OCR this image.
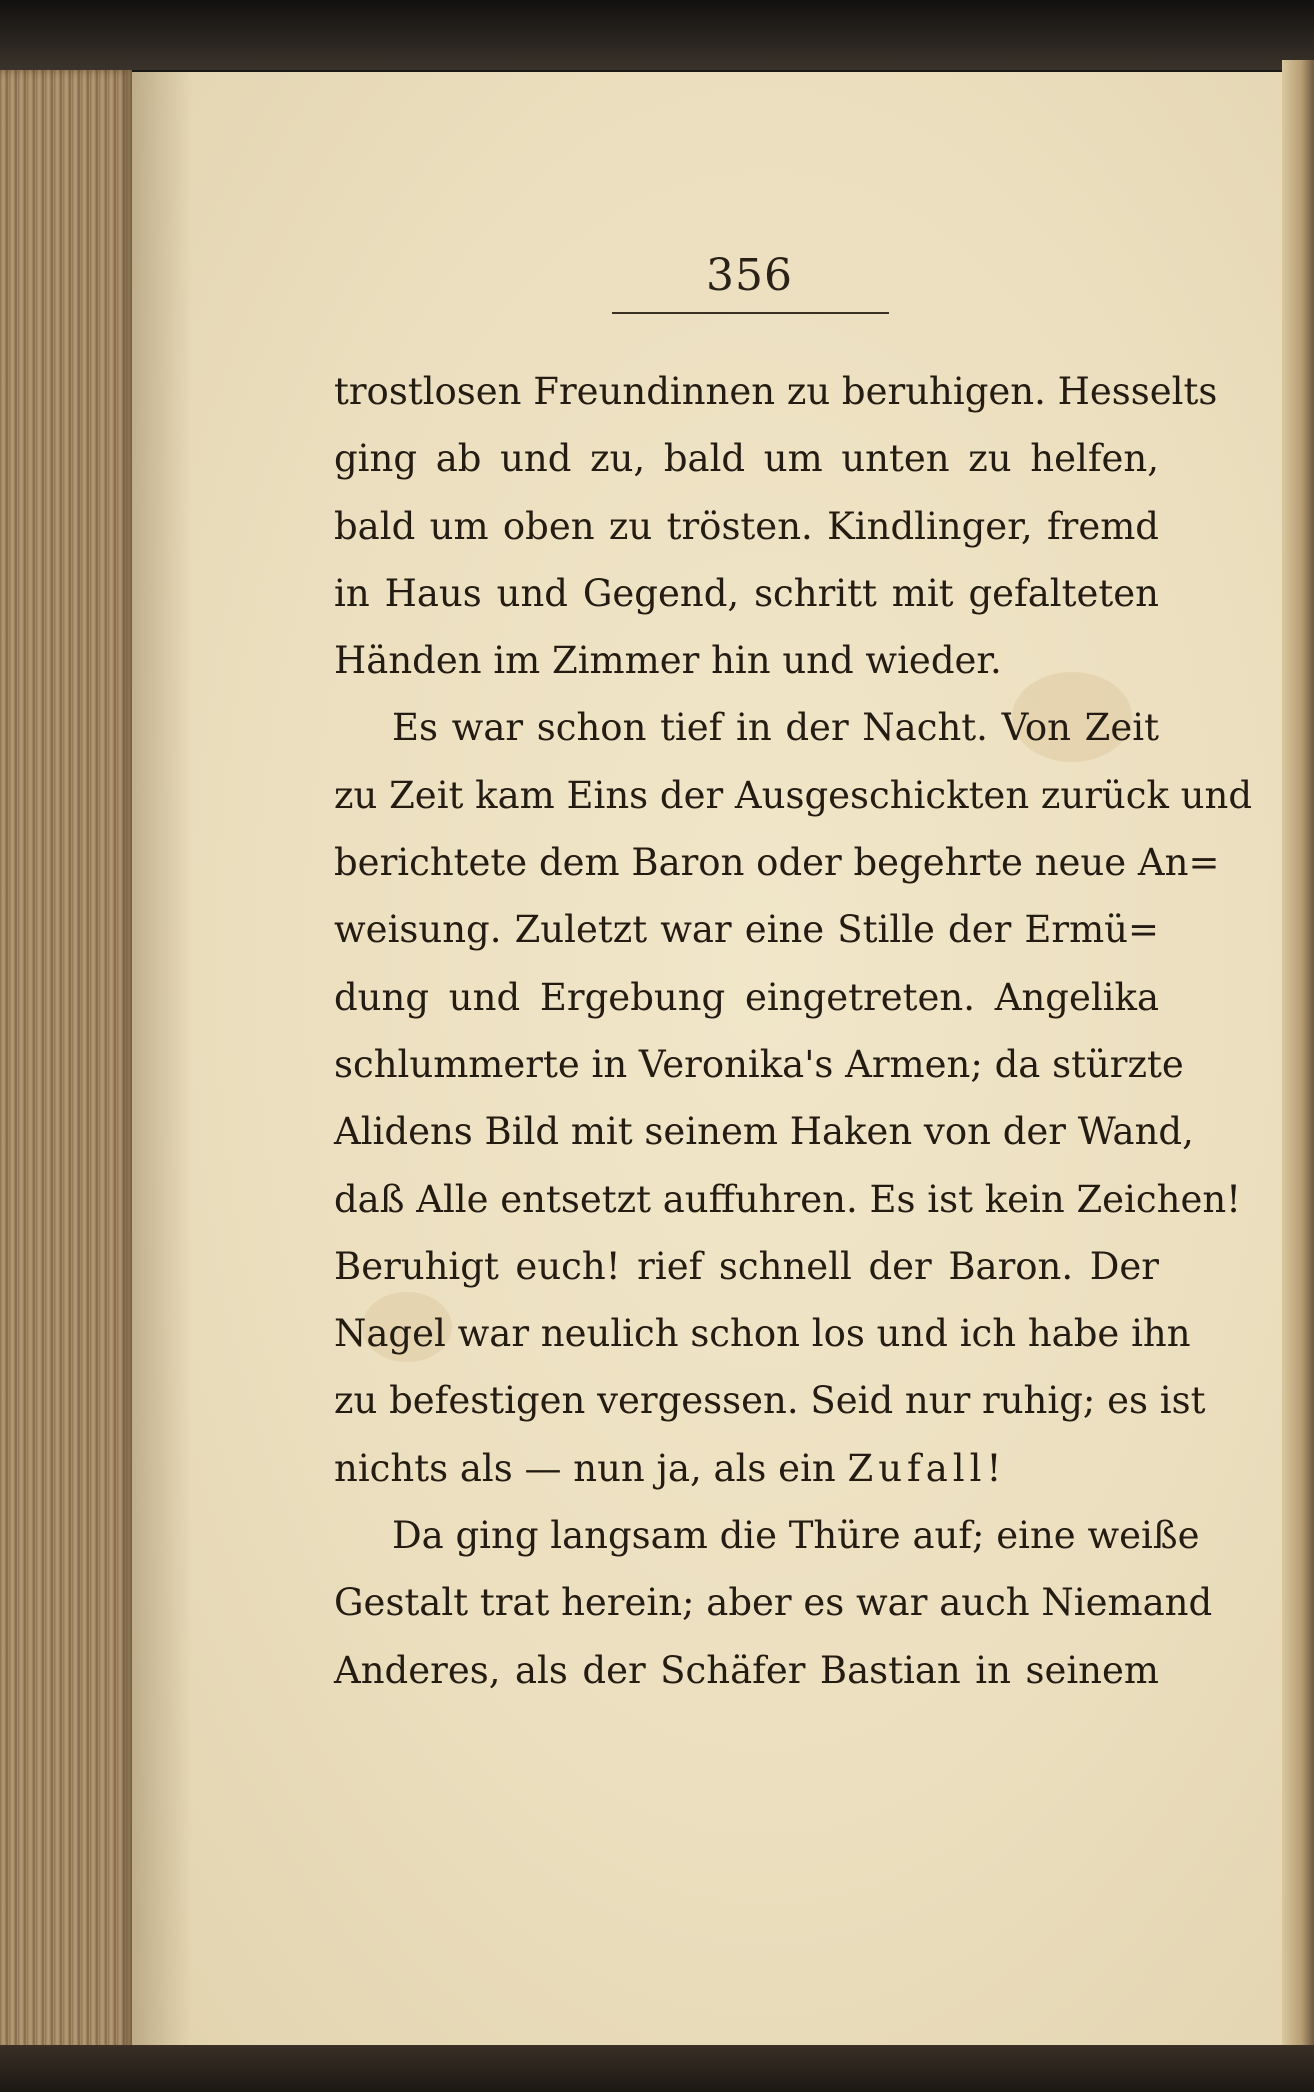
356
trostlosen Freundinnen zu beruhigen. Hesselts
ging ab und zu, bald um unten zu helfen,
bald um oben zu trösten. Kindlinger, fremd
in Haus und Gegend, schritt mit gefalteten
Händen im Zimmer hin und wieder.
Es war schon tief in der Nacht. Von Zeit
zu Zeit kam Eins der Ausgeschickten zurück und
berichtete dem Baron oder begehrte neue An=
weisung. Zuletzt war eine Stille der Ermü=
dung und Ergebung eingetreten. Angelika
schlummerte in Veronika's Armen; da stürzte
Alidens Bild mit seinem Haken von der Wand,
daß Alle entsetzt auffuhren. Es ist kein Zeichen!
Beruhigt euch! rief schnell der Baron. Der
Nagel war neulich schon los und ich habe ihn
zu befestigen vergessen. Seid nur ruhig; es ist
nichts als — nun ja, als ein Zufall!
Da ging langsam die Thüre auf; eine weiße
Gestalt trat herein; aber es war auch Niemand
Anderes, als der Schäfer Bastian in seinem
